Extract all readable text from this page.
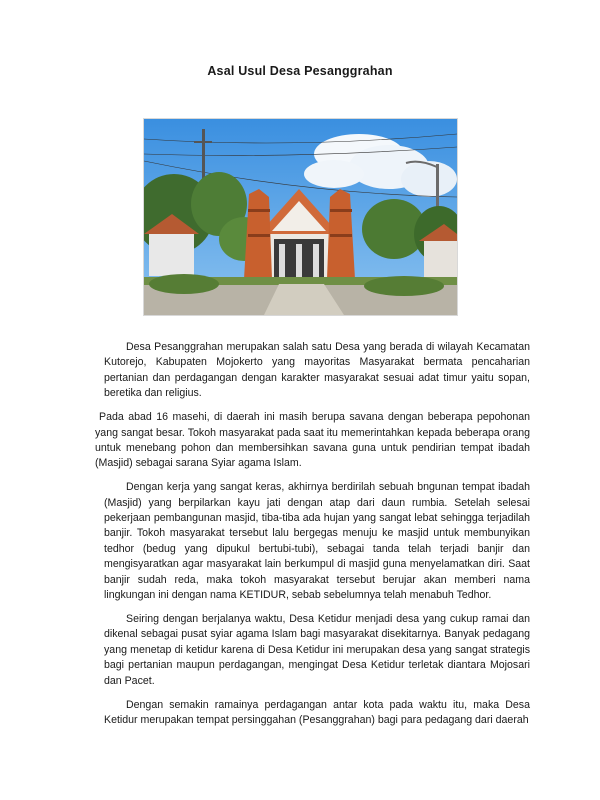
Asal Usul Desa Pesanggrahan

Desa Pesanggrahan merupakan salah satu Desa yang berada di wilayah Kecamatan Kutorejo, Kabupaten Mojokerto yang mayoritas Masyarakat bermata pencaharian pertanian dan perdagangan dengan karakter masyarakat sesuai adat timur yaitu sopan, beretika dan religius.

Pada abad 16 masehi, di daerah ini masih berupa savana dengan beberapa pepohonan yang sangat besar. Tokoh masyarakat pada saat itu memerintahkan kepada beberapa orang untuk menebang pohon dan membersihkan savana guna untuk pendirian tempat ibadah (Masjid) sebagai sarana Syiar agama Islam.

Dengan kerja yang sangat keras, akhirnya berdirilah sebuah bngunan tempat ibadah (Masjid) yang berpilarkan kayu jati dengan atap dari daun rumbia. Setelah selesai pekerjaan pembangunan masjid, tiba-tiba ada hujan yang sangat lebat sehingga terjadilah banjir. Tokoh masyarakat tersebut lalu bergegas menuju ke masjid untuk membunyikan tedhor (bedug yang dipukul bertubi-tubi), sebagai tanda telah terjadi banjir dan mengisyaratkan agar masyarakat lain berkumpul di masjid guna menyelamatkan diri. Saat banjir sudah reda, maka tokoh masyarakat tersebut berujar akan memberi nama lingkungan ini dengan nama KETIDUR, sebab sebelumnya telah menabuh Tedhor.

Seiring dengan berjalanya waktu, Desa Ketidur menjadi desa yang cukup ramai dan dikenal sebagai pusat syiar agama Islam bagi masyarakat disekitarnya. Banyak pedagang yang menetap di ketidur karena di Desa Ketidur ini merupakan desa yang sangat strategis bagi pertanian maupun perdagangan, mengingat Desa Ketidur terletak diantara Mojosari dan Pacet.

Dengan semakin ramainya perdagangan antar kota pada waktu itu, maka Desa Ketidur merupakan tempat persinggahan (Pesanggrahan) bagi para pedagang dari daerah
